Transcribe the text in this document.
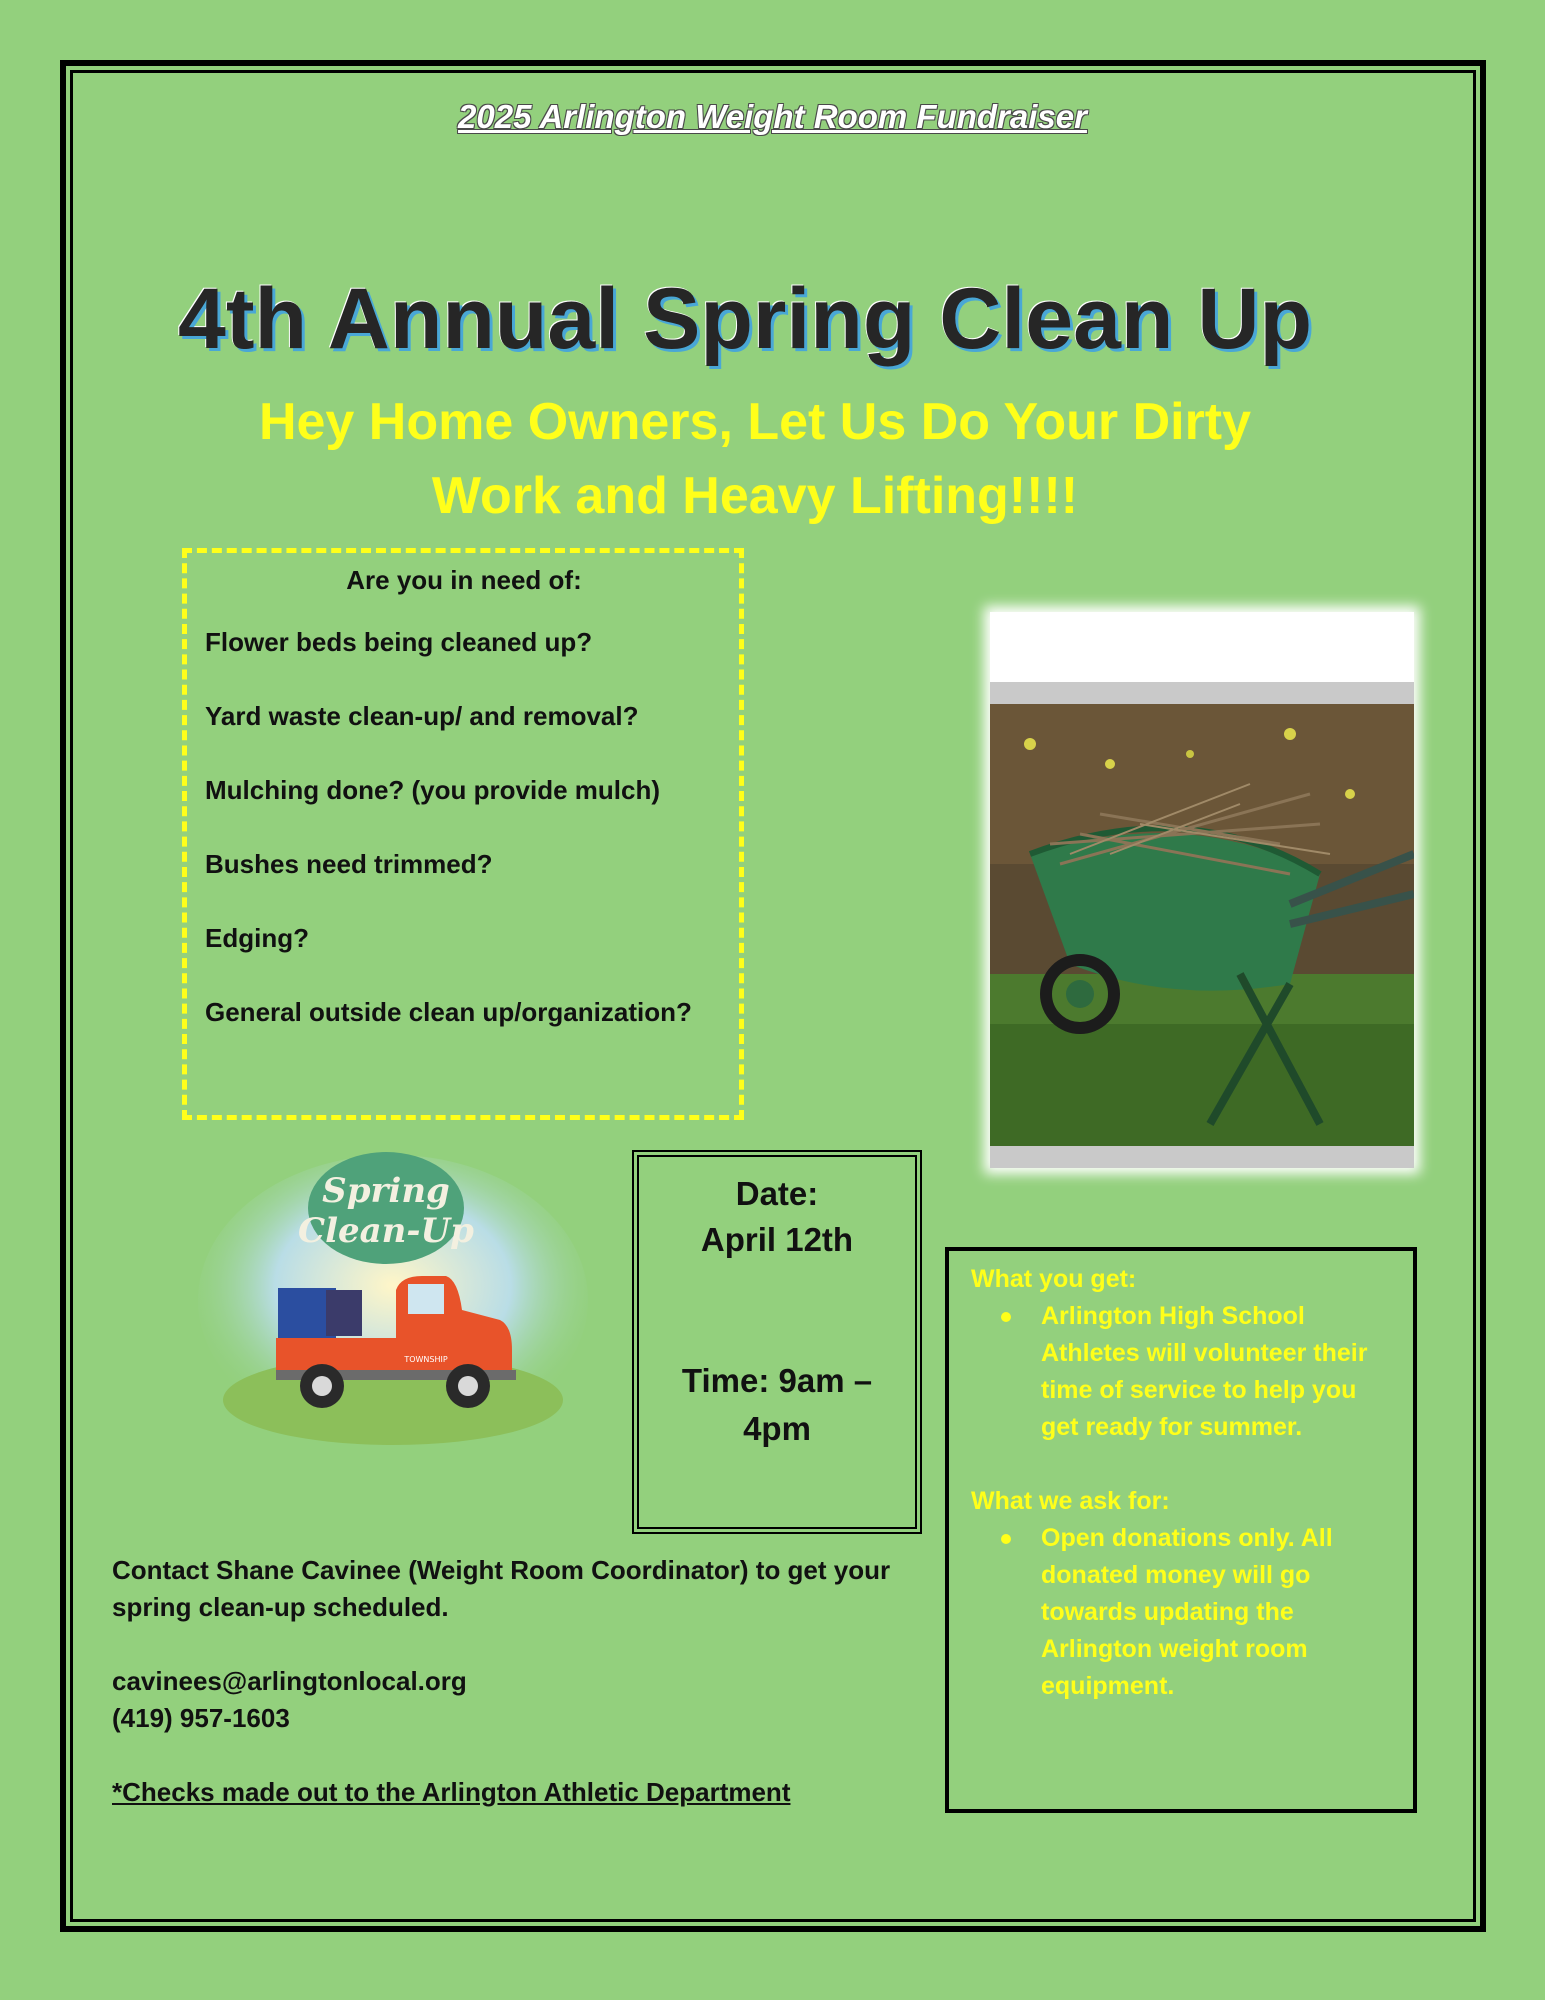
2025 Arlington Weight Room Fundraiser
4th Annual Spring Clean Up
Hey Home Owners, Let Us Do Your Dirty
Work and Heavy Lifting!!!!

Are you in need of:

Flower beds being cleaned up?

Yard waste clean-up/ and removal?

Mulching done? (you provide mulch)

Bushes need trimmed?

Edging?

General outside clean up/organization?

Spring
Clean-Up
TOWNSHIP
Date:
April 12th
Time: 9am –
4pm
What you get:
Arlington High School Athletes will volunteer their time of service to help you get ready for summer.
What we ask for:
Open donations only. All donated money will go towards updating the Arlington weight room equipment.

Contact Shane Cavinee (Weight Room Coordinator) to get your spring clean-up scheduled.

cavinees@arlingtonlocal.org

(419) 957-1603

*Checks made out to the Arlington Athletic Department
